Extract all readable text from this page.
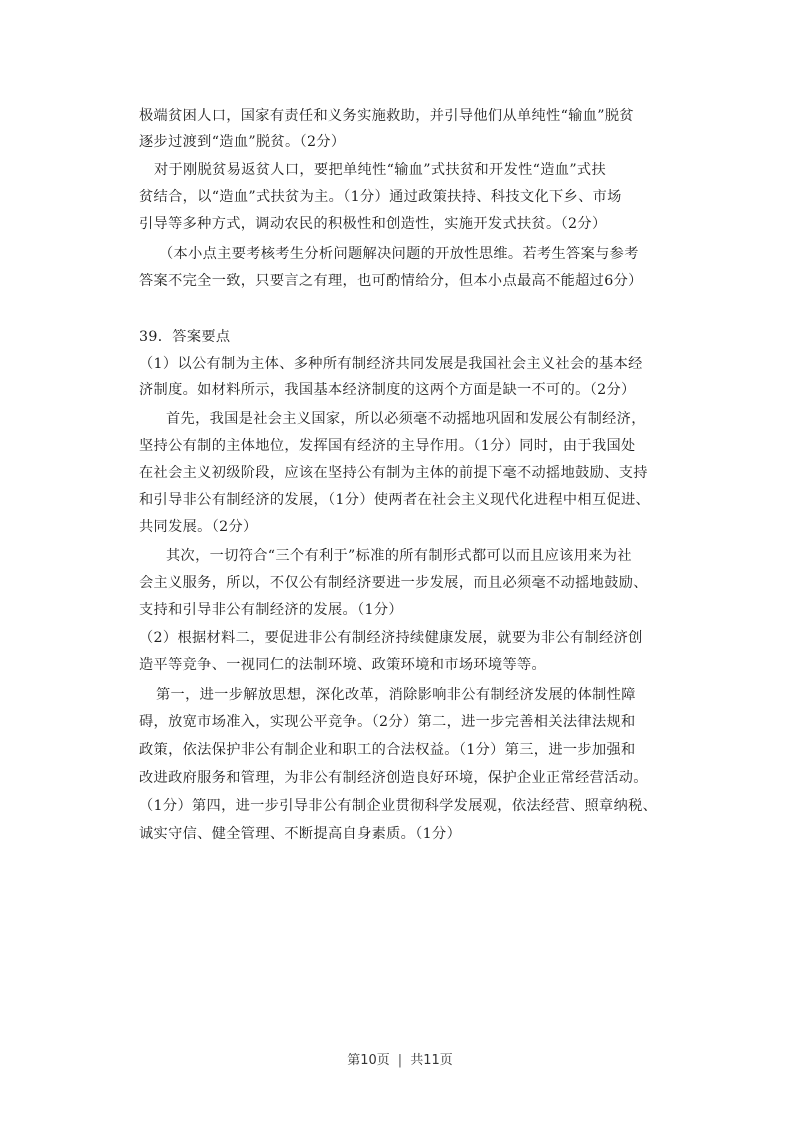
极端贫困人口，国家有责任和义务实施救助，并引导他们从单纯性“输血”脱贫

逐步过渡到“造血”脱贫。（2分）

对于刚脱贫易返贫人口，要把单纯性“输血”式扶贫和开发性“造血”式扶

贫结合，以“造血”式扶贫为主。（1分）通过政策扶持、科技文化下乡、市场

引导等多种方式，调动农民的积极性和创造性，实施开发式扶贫。（2分）

（本小点主要考核考生分析问题解决问题的开放性思维。若考生答案与参考

答案不完全一致，只要言之有理，也可酌情给分，但本小点最高不能超过6分）

39．答案要点

（1）以公有制为主体、多种所有制经济共同发展是我国社会主义社会的基本经

济制度。如材料所示，我国基本经济制度的这两个方面是缺一不可的。（2分）

首先，我国是社会主义国家，所以必须毫不动摇地巩固和发展公有制经济，

坚持公有制的主体地位，发挥国有经济的主导作用。（1分）同时，由于我国处

在社会主义初级阶段，应该在坚持公有制为主体的前提下毫不动摇地鼓励、支持

和引导非公有制经济的发展，（1分）使两者在社会主义现代化进程中相互促进、

共同发展。（2分）

其次，一切符合“三个有利于”标准的所有制形式都可以而且应该用来为社

会主义服务，所以，不仅公有制经济要进一步发展，而且必须毫不动摇地鼓励、

支持和引导非公有制经济的发展。（1分）

（2）根据材料二，要促进非公有制经济持续健康发展，就要为非公有制经济创

造平等竞争、一视同仁的法制环境、政策环境和市场环境等等。

第一，进一步解放思想，深化改革，消除影响非公有制经济发展的体制性障

碍，放宽市场准入，实现公平竞争。（2分）第二，进一步完善相关法律法规和

政策，依法保护非公有制企业和职工的合法权益。（1分）第三，进一步加强和

改进政府服务和管理，为非公有制经济创造良好环境，保护企业正常经营活动。

（1分）第四，进一步引导非公有制企业贯彻科学发展观，依法经营、照章纳税、

诚实守信、健全管理、不断提高自身素质。（1分）

第10页 | 共11页
